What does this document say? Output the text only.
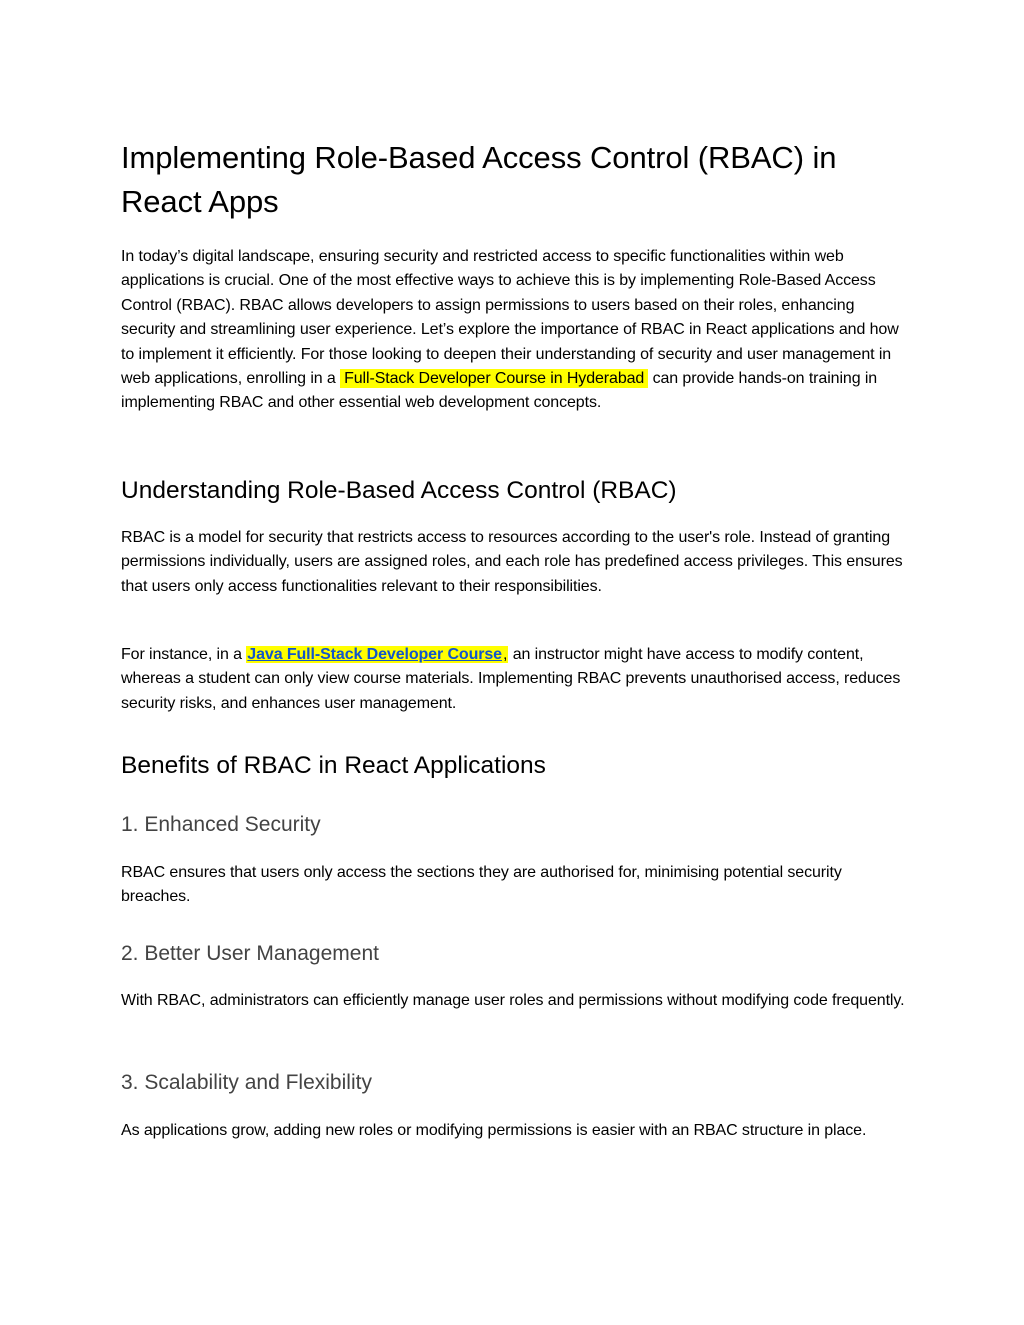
Implementing Role-Based Access Control (RBAC) in React Apps

In today’s digital landscape, ensuring security and restricted access to specific functionalities within web applications is crucial. One of the most effective ways to achieve this is by implementing Role-Based Access Control (RBAC). RBAC allows developers to assign permissions to users based on their roles, enhancing security and streamlining user experience. Let’s explore the importance of RBAC in React applications and how to implement it efficiently. For those looking to deepen their understanding of security and user management in web applications, enrolling in a Full-Stack Developer Course in Hyderabad can provide hands-on training in implementing RBAC and other essential web development concepts.

Understanding Role-Based Access Control (RBAC)

RBAC is a model for security that restricts access to resources according to the user's role. Instead of granting permissions individually, users are assigned roles, and each role has predefined access privileges. This ensures that users only access functionalities relevant to their responsibilities.

For instance, in a Java Full-Stack Developer Course, an instructor might have access to modify content, whereas a student can only view course materials. Implementing RBAC prevents unauthorised access, reduces security risks, and enhances user management.

Benefits of RBAC in React Applications
1. Enhanced Security

RBAC ensures that users only access the sections they are authorised for, minimising potential security breaches.

2. Better User Management

With RBAC, administrators can efficiently manage user roles and permissions without modifying code frequently.

3. Scalability and Flexibility

As applications grow, adding new roles or modifying permissions is easier with an RBAC structure in place.
